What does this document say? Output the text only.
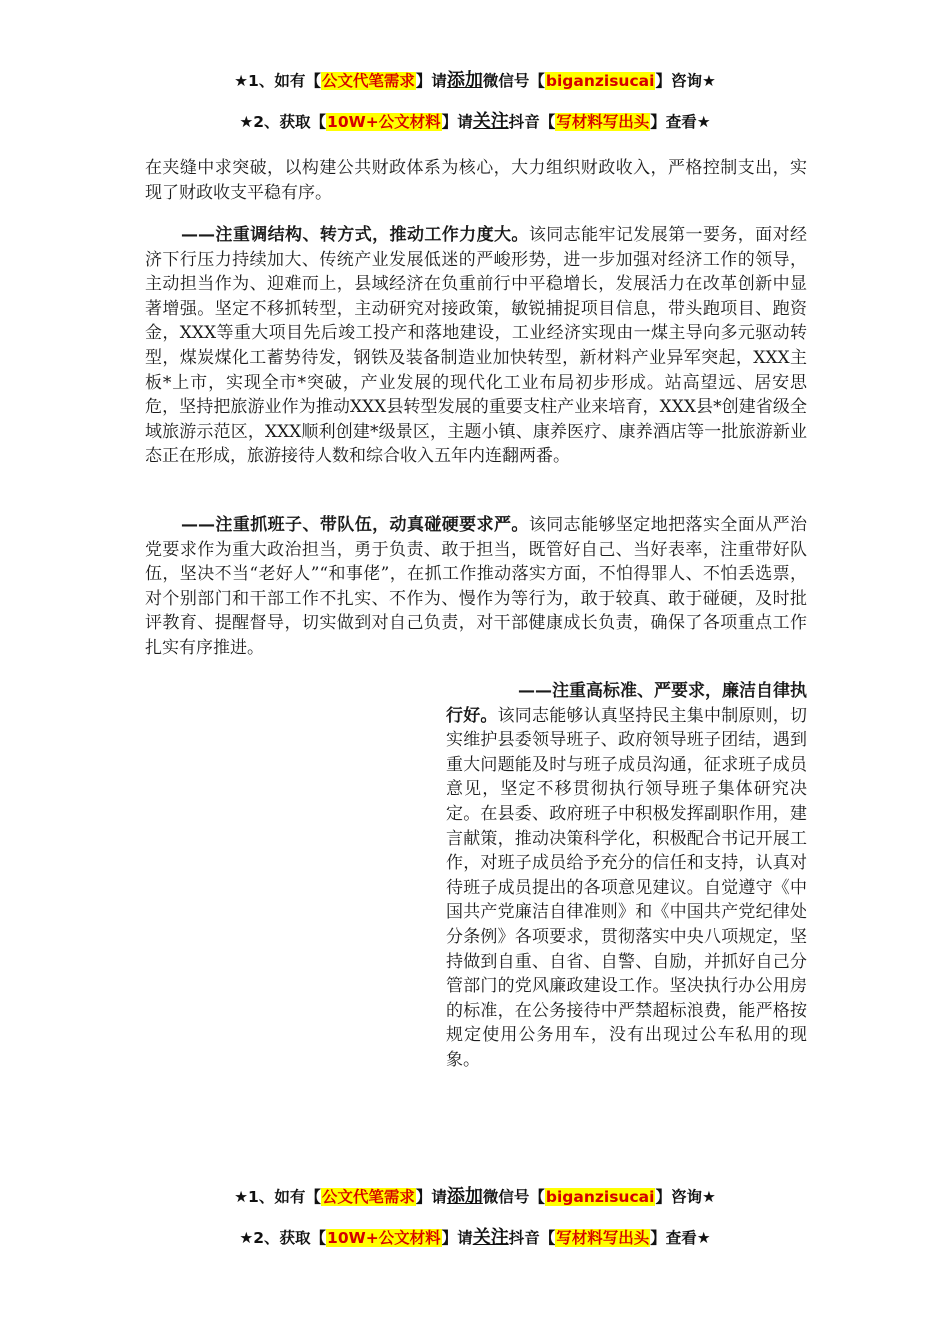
★1、如有【公文代笔需求】请添加微信号【biganzisucai】咨询★
★2、获取【10W+公文材料】请关注抖音【写材料写出头】查看★

在夹缝中求突破，以构建公共财政体系为核心，大力组织财政收入，严格控制支出，实现了财政收支平稳有序。

——注重调结构、转方式，推动工作力度大。该同志能牢记发展第一要务，面对经济下行压力持续加大、传统产业发展低迷的严峻形势，进一步加强对经济工作的领导，主动担当作为、迎难而上，县域经济在负重前行中平稳增长，发展活力在改革创新中显著增强。坚定不移抓转型，主动研究对接政策，敏锐捕捉项目信息，带头跑项目、跑资金，XXX等重大项目先后竣工投产和落地建设，工业经济实现由一煤主导向多元驱动转型，煤炭煤化工蓄势待发，钢铁及装备制造业加快转型，新材料产业异军突起，XXX主板*上市，实现全市*突破，产业发展的现代化工业布局初步形成。站高望远、居安思危，坚持把旅游业作为推动XXX县转型发展的重要支柱产业来培育，XXX县*创建省级全域旅游示范区，XXX顺利创建*级景区，主题小镇、康养医疗、康养酒店等一批旅游新业态正在形成，旅游接待人数和综合收入五年内连翻两番。

——注重抓班子、带队伍，动真碰硬要求严。该同志能够坚定地把落实全面从严治党要求作为重大政治担当，勇于负责、敢于担当，既管好自己、当好表率，注重带好队伍，坚决不当“老好人”“和事佬”，在抓工作推动落实方面，不怕得罪人、不怕丢选票，对个别部门和干部工作不扎实、不作为、慢作为等行为，敢于较真、敢于碰硬，及时批评教育、提醒督导，切实做到对自己负责，对干部健康成长负责，确保了各项重点工作扎实有序推进。

——注重高标准、严要求，廉洁自律执
行好。该同志能够认真坚持民主集中制原则，切实维护县委领导班子、政府领导班子团结，遇到重大问题能及时与班子成员沟通，征求班子成员意见，坚定不移贯彻执行领导班子集体研究决定。在县委、政府班子中积极发挥副职作用，建言献策，推动决策科学化，积极配合书记开展工作，对班子成员给予充分的信任和支持，认真对待班子成员提出的各项意见建议。自觉遵守《中国共产党廉洁自律准则》和《中国共产党纪律处分条例》各项要求，贯彻落实中央八项规定，坚持做到自重、自省、自警、自励，并抓好自己分管部门的党风廉政建设工作。坚决执行办公用房的标准，在公务接待中严禁超标浪费，能严格按规定使用公务用车，没有出现过公车私用的现象。
★1、如有【公文代笔需求】请添加微信号【biganzisucai】咨询★
★2、获取【10W+公文材料】请关注抖音【写材料写出头】查看★
